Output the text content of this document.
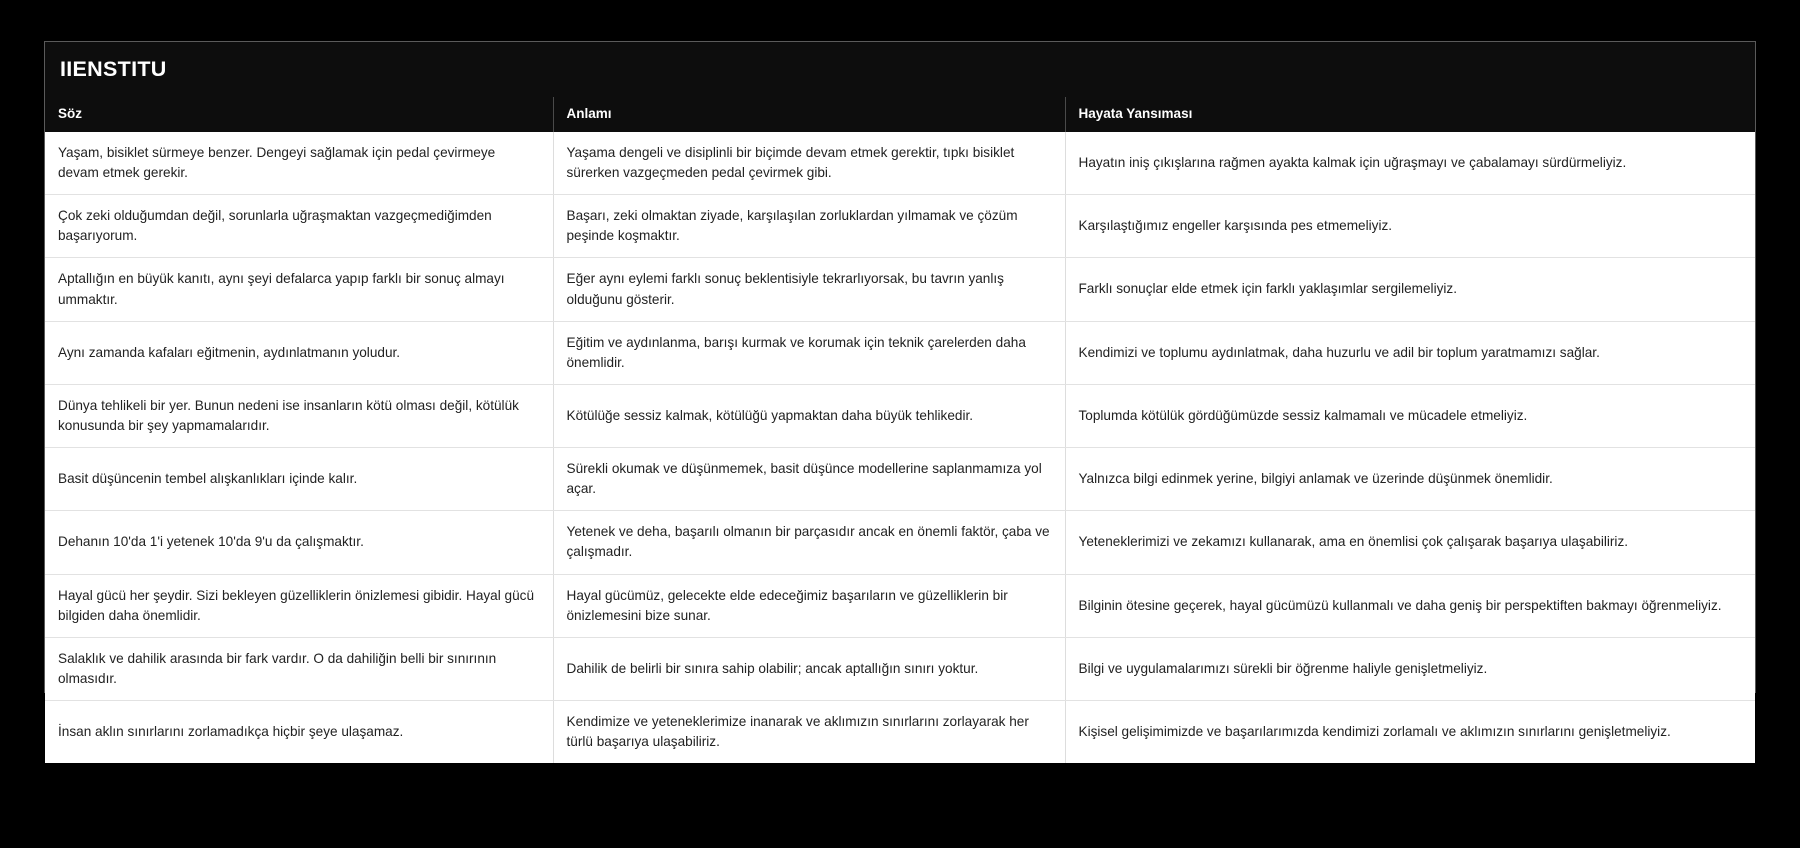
IIENSTITU
Söz	Anlamı	Hayata Yansıması
Yaşam, bisiklet sürmeye benzer. Dengeyi sağlamak için pedal çevirmeye devam etmek gerekir.	Yaşama dengeli ve disiplinli bir biçimde devam etmek gerektir, tıpkı bisiklet sürerken vazgeçmeden pedal çevirmek gibi.	Hayatın iniş çıkışlarına rağmen ayakta kalmak için uğraşmayı ve çabalamayı sürdürmeliyiz.
Çok zeki olduğumdan değil, sorunlarla uğraşmaktan vazgeçmediğimden başarıyorum.	Başarı, zeki olmaktan ziyade, karşılaşılan zorluklardan yılmamak ve çözüm peşinde koşmaktır.	Karşılaştığımız engeller karşısında pes etmemeliyiz.
Aptallığın en büyük kanıtı, aynı şeyi defalarca yapıp farklı bir sonuç almayı ummaktır.	Eğer aynı eylemi farklı sonuç beklentisiyle tekrarlıyorsak, bu tavrın yanlış olduğunu gösterir.	Farklı sonuçlar elde etmek için farklı yaklaşımlar sergilemeliyiz.
Aynı zamanda kafaları eğitmenin, aydınlatmanın yoludur.	Eğitim ve aydınlanma, barışı kurmak ve korumak için teknik çarelerden daha önemlidir.	Kendimizi ve toplumu aydınlatmak, daha huzurlu ve adil bir toplum yaratmamızı sağlar.
Dünya tehlikeli bir yer. Bunun nedeni ise insanların kötü olması değil, kötülük konusunda bir şey yapmamalarıdır.	Kötülüğe sessiz kalmak, kötülüğü yapmaktan daha büyük tehlikedir.	Toplumda kötülük gördüğümüzde sessiz kalmamalı ve mücadele etmeliyiz.
Basit düşüncenin tembel alışkanlıkları içinde kalır.	Sürekli okumak ve düşünmemek, basit düşünce modellerine saplanmamıza yol açar.	Yalnızca bilgi edinmek yerine, bilgiyi anlamak ve üzerinde düşünmek önemlidir.
Dehanın 10'da 1'i yetenek 10'da 9'u da çalışmaktır.	Yetenek ve deha, başarılı olmanın bir parçasıdır ancak en önemli faktör, çaba ve çalışmadır.	Yeteneklerimizi ve zekamızı kullanarak, ama en önemlisi çok çalışarak başarıya ulaşabiliriz.
Hayal gücü her şeydir. Sizi bekleyen güzelliklerin önizlemesi gibidir. Hayal gücü bilgiden daha önemlidir.	Hayal gücümüz, gelecekte elde edeceğimiz başarıların ve güzelliklerin bir önizlemesini bize sunar.	Bilginin ötesine geçerek, hayal gücümüzü kullanmalı ve daha geniş bir perspektiften bakmayı öğrenmeliyiz.
Salaklık ve dahilik arasında bir fark vardır. O da dahiliğin belli bir sınırının olmasıdır.	Dahilik de belirli bir sınıra sahip olabilir; ancak aptallığın sınırı yoktur.	Bilgi ve uygulamalarımızı sürekli bir öğrenme haliyle genişletmeliyiz.
İnsan aklın sınırlarını zorlamadıkça hiçbir şeye ulaşamaz.	Kendimize ve yeteneklerimize inanarak ve aklımızın sınırlarını zorlayarak her türlü başarıya ulaşabiliriz.	Kişisel gelişimimizde ve başarılarımızda kendimizi zorlamalı ve aklımızın sınırlarını genişletmeliyiz.
